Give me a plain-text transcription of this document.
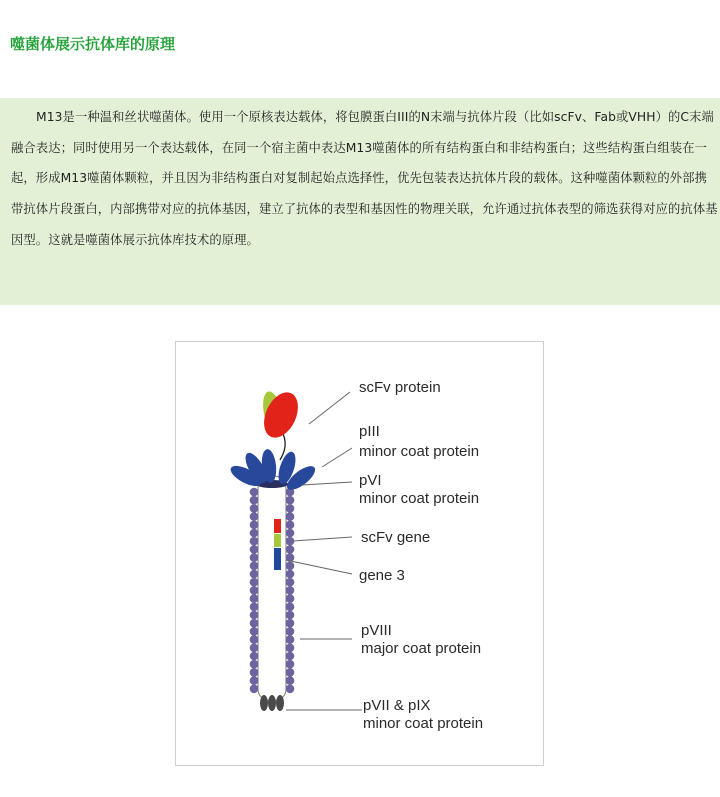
噬菌体展示抗体库的原理

M13是一种温和丝状噬菌体。使用一个原核表达载体，将包膜蛋白III的N末端与抗体片段（比如scFv、Fab或VHH）的C末端融合表达；同时使用另一个表达载体，在同一个宿主菌中表达M13噬菌体的所有结构蛋白和非结构蛋白；这些结构蛋白组装在一起，形成M13噬菌体颗粒，并且因为非结构蛋白对复制起始点选择性，优先包装表达抗体片段的载体。这种噬菌体颗粒的外部携带抗体片段蛋白，内部携带对应的抗体基因，建立了抗体的表型和基因性的物理关联，允许通过抗体表型的筛选获得对应的抗体基因型。这就是噬菌体展示抗体库技术的原理。

scFv protein
pIII
minor coat protein
pVI
minor coat protein
scFv gene
gene 3
pVIII
major coat protein
pVII & pIX
minor coat protein
